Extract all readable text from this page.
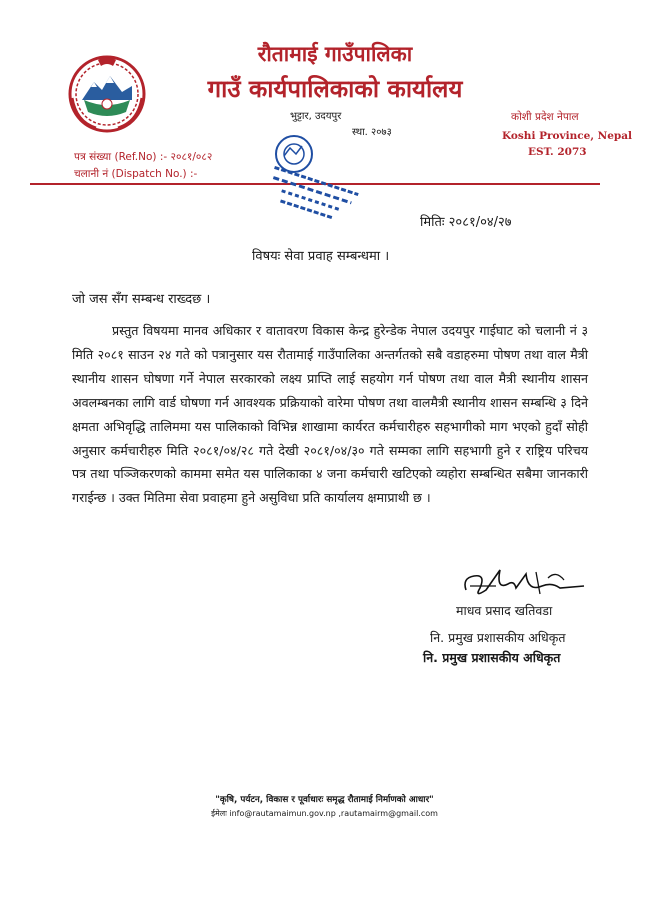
रौतामाई गाउँपालिका
गाउँ कार्यपालिकाको कार्यालय
भुट्टार, उदयपुर
स्था. २०७३
कोशी प्रदेश नेपाल
Koshi Province, Nepal
EST. 2073
पत्र संख्या (Ref.No) :- २०८१/०८२
चलानी नं (Dispatch No.) :-
मितिः २०८१/०४/२७
विषयः सेवा प्रवाह सम्बन्धमा ।
जो जस सँग सम्बन्ध राख्दछ ।

प्रस्तुत विषयमा मानव अधिकार र वातावरण विकास केन्द्र हुरेन्डेक नेपाल उदयपुर गाईघाट को चलानी नं ३ मिति २०८१ साउन २४ गते को पत्रानुसार यस रौतामाई गाउँपालिका अन्तर्गतको सबै वडाहरुमा पोषण तथा वाल मैत्री स्थानीय शासन घोषणा गर्ने नेपाल सरकारको लक्ष्य प्राप्ति लाई सहयोग गर्न पोषण तथा वाल मैत्री स्थानीय शासन अवलम्बनका लागि वार्ड घोषणा गर्न आवश्यक प्रक्रियाको वारेमा पोषण तथा वालमैत्री स्थानीय शासन सम्बन्धि ३ दिने क्षमता अभिवृद्धि तालिममा यस पालिकाको विभिन्न शाखामा कार्यरत कर्मचारीहरु सहभागीको माग भएको हुदाँ सोही अनुसार कर्मचारीहरु मिति २०८१/०४/२८ गते देखी २०८१/०४/३० गते सम्मका लागि सहभागी हुने र राष्ट्रिय परिचय पत्र तथा पञ्जिकरणको काममा समेत यस पालिकाका ४ जना कर्मचारी खटिएको व्यहोरा सम्बन्धित सबैमा जानकारी गराईन्छ । उक्त मितिमा सेवा प्रवाहमा हुने असुविधा प्रति कार्यालय क्षमाप्राथी छ ।

माधव प्रसाद खतिवडा
नि. प्रमुख प्रशासकीय अधिकृत
नि. प्रमुख प्रशासकीय अधिकृत
"कृषि, पर्यटन, विकास र पूर्वाधारः समृद्ध रौतामाई निर्माणको आधार"
ईमेलः info@rautamaimun.gov.np ,rautamairm@gmail.com
